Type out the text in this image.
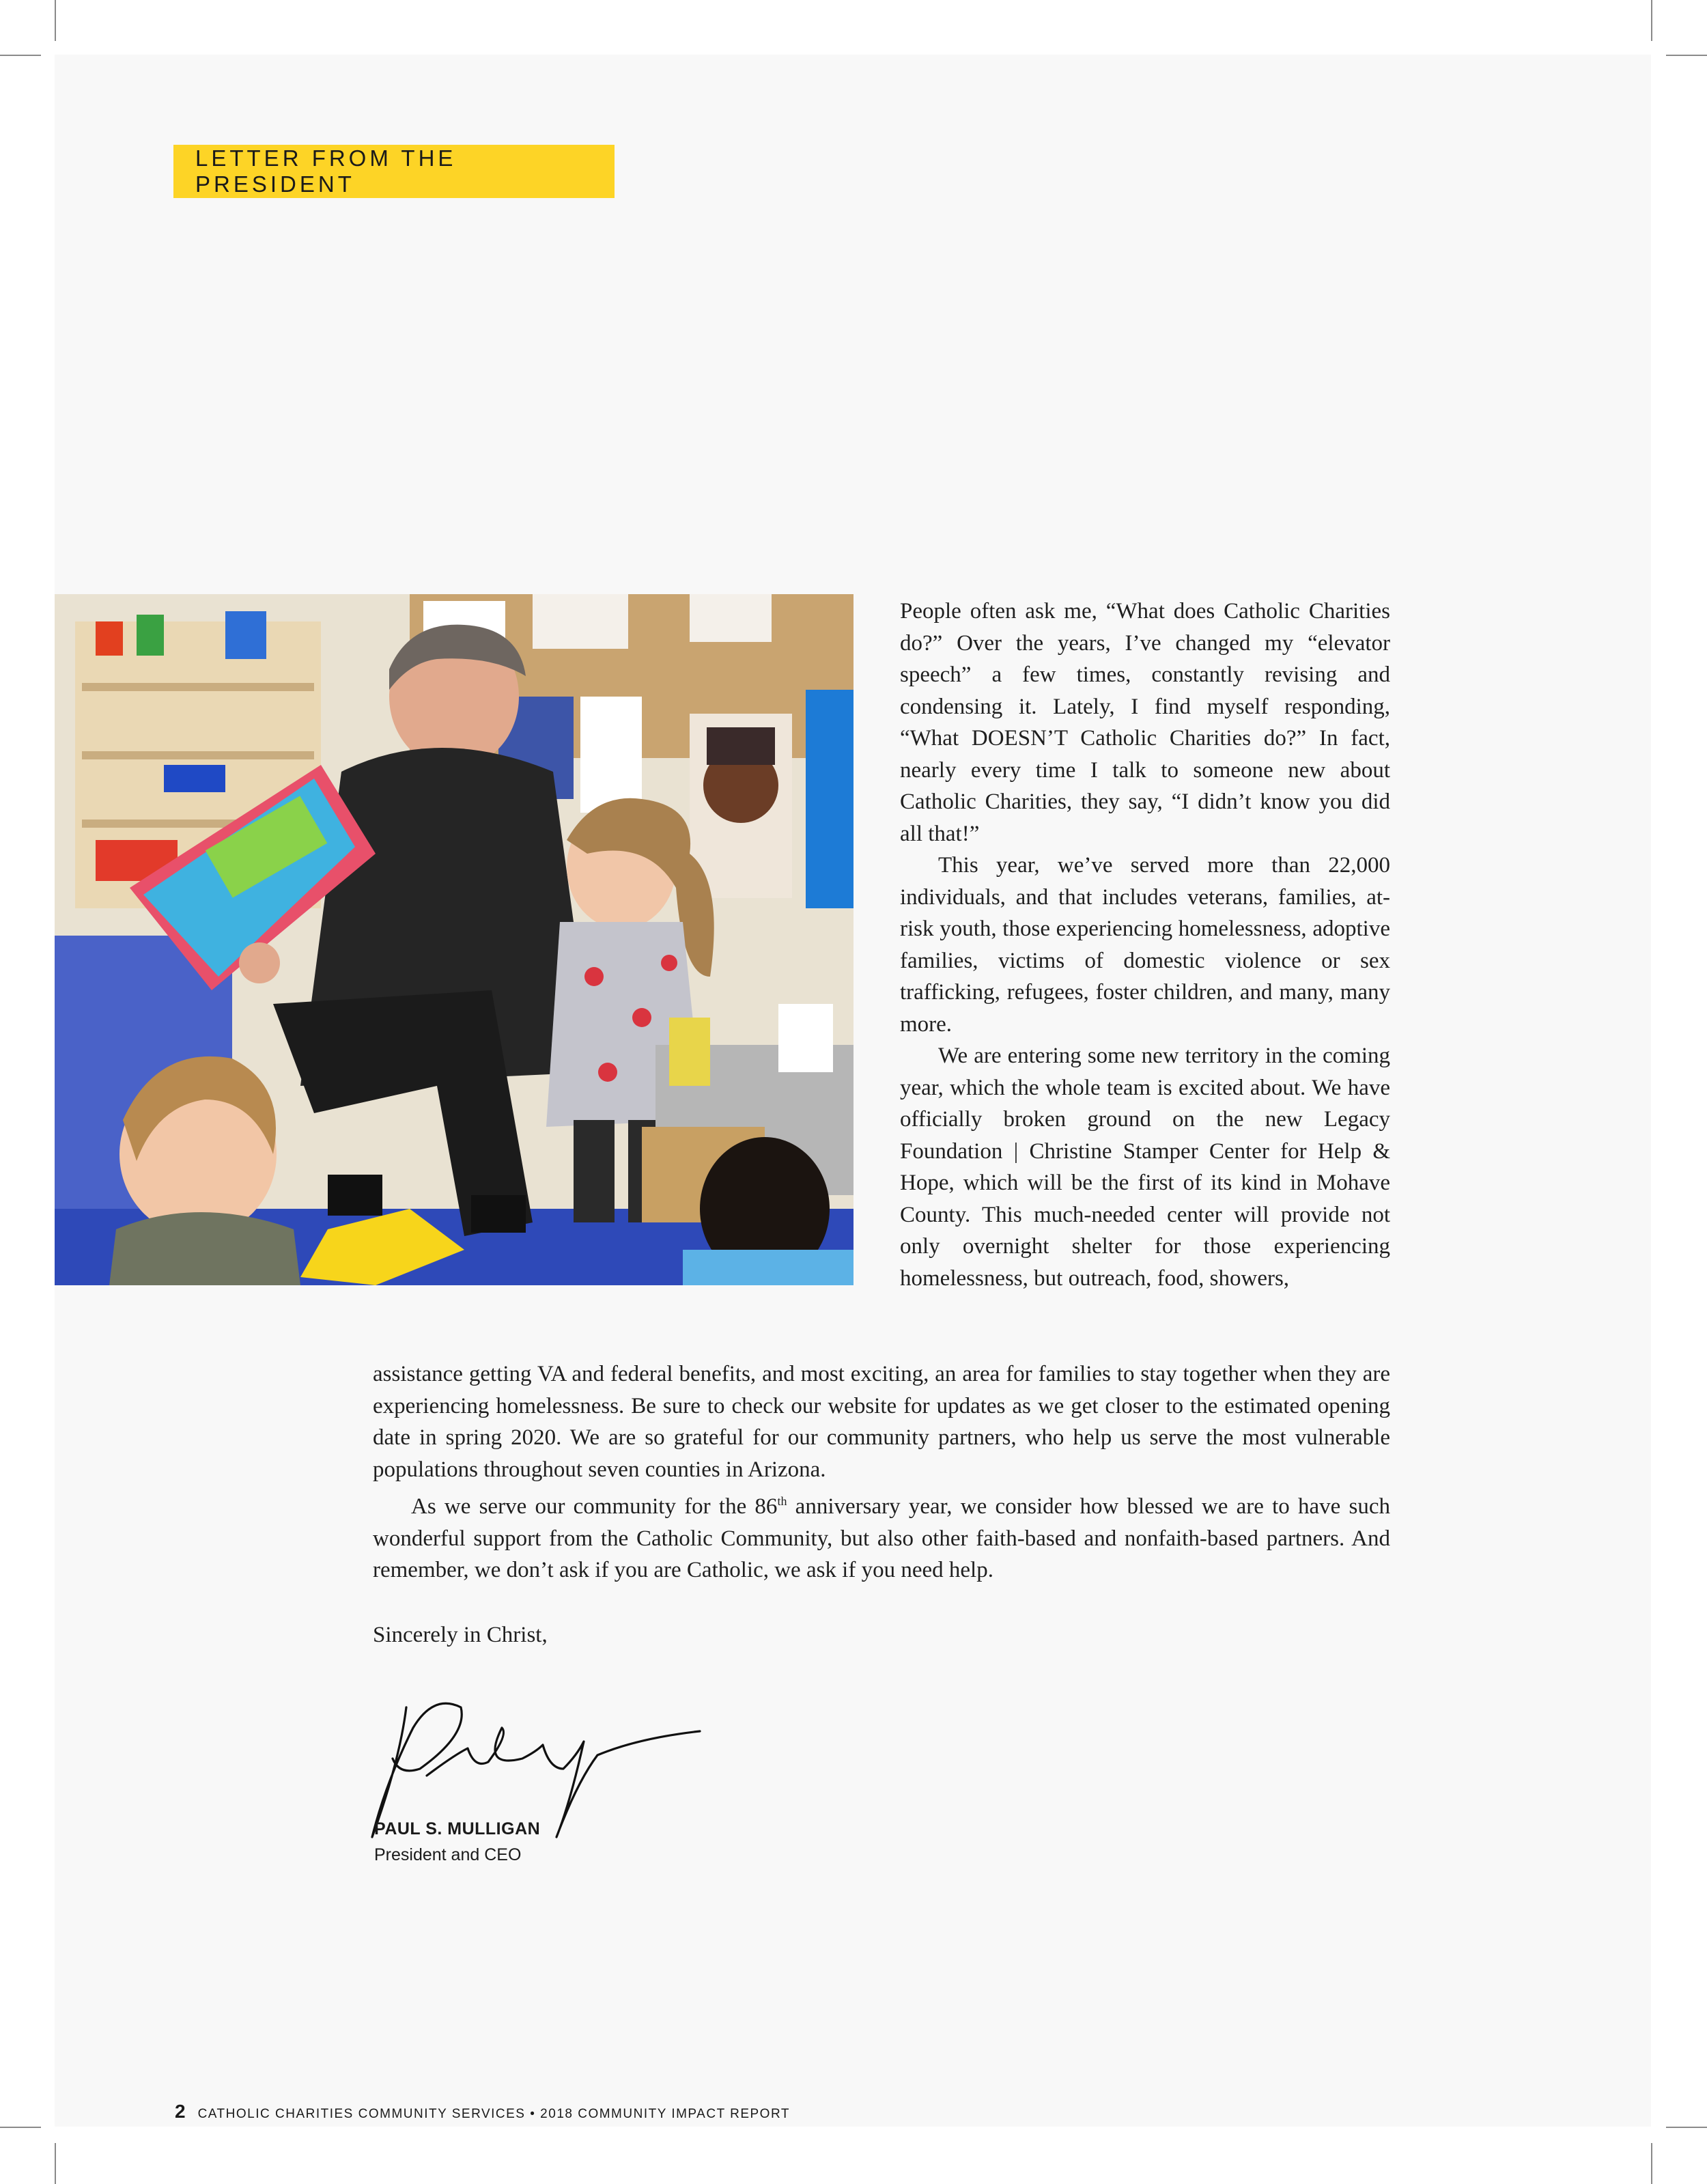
LETTER FROM THE PRESIDENT

People often ask me, “What does Catholic Charities do?” Over the years, I’ve changed my “elevator speech” a few times, constantly revising and condensing it. Lately, I find myself responding, “What DOESN’T Catholic Charities do?” In fact, nearly every time I talk to someone new about Catholic Charities, they say, “I didn’t know you did all that!”

This year, we’ve served more than 22,000 individuals, and that includes veterans, families, at-risk youth, those experiencing homelessness, adoptive families, victims of domestic violence or sex trafficking, refugees, foster children, and many, many more.

We are entering some new territory in the coming year, which the whole team is excited about. We have officially broken ground on the new Legacy Foundation | Christine Stamper Center for Help & Hope, which will be the first of its kind in Mohave County. This much-needed center will provide not only overnight shelter for those experiencing homelessness, but outreach, food, showers,

assistance getting VA and federal benefits, and most exciting, an area for families to stay together when they are experiencing homelessness. Be sure to check our website for updates as we get closer to the estimated opening date in spring 2020. We are so grateful for our community partners, who help us serve the most vulnerable populations throughout seven counties in Arizona.

As we serve our community for the 86th anniversary year, we consider how blessed we are to have such wonderful support from the Catholic Community, but also other faith-based and nonfaith-based partners. And remember, we don’t ask if you are Catholic, we ask if you need help.

Sincerely in Christ,
PAUL S. MULLIGAN
President and CEO
2 CATHOLIC CHARITIES COMMUNITY SERVICES • 2018 COMMUNITY IMPACT REPORT
